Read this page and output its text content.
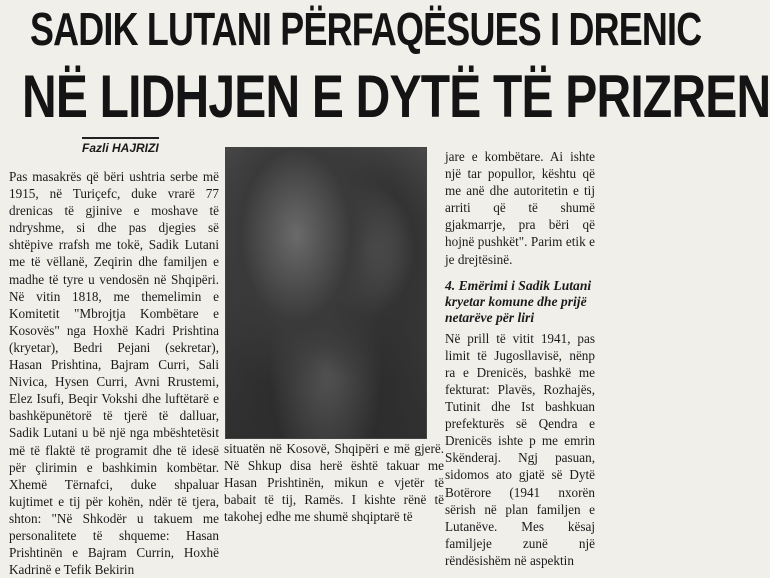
SADIK LUTANI PËRFAQËSUES I DRENIC
NË LIDHJEN E DYTË TË PRIZREN
Fazli HAJRIZI

Pas masakrës që bëri ushtria serbe më 1915, në Turiçefc, duke vrarë 77 drenicas të gjinive e moshave të ndryshme, si dhe pas djegies së shtëpive rrafsh me tokë, Sadik Lutani me të vëllanë, Zeqirin dhe familjen e madhe të tyre u vendosën në Shqipëri. Në vitin 1818, me themelimin e Komitetit "Mbrojtja Kombëtare e Kosovës" nga Hoxhë Kadri Prishtina (kryetar), Bedri Pejani (sekretar), Hasan Prishtina, Bajram Curri, Sali Nivica, Hysen Curri, Avni Rrustemi, Elez Isufi, Beqir Vokshi dhe luftëtarë e bashkëpunëtorë të tjerë të dalluar, Sadik Lutani u bë një nga mbështetësit më të flaktë të programit dhe të idesë për çlirimin e bashkimin kombëtar. Xhemë Tërnafci, duke shpaluar kujtimet e tij për kohën, ndër të tjera, shton: "Në Shkodër u takuem me personalitete të shqueme: Hasan Prishtinën e Bajram Currin, Hoxhë Kadrinë e Tefik Bekirin

situatën në Kosovë, Shqipëri e më gjerë. Në Shkup disa herë është takuar me Hasan Prishtinën, mikun e vjetër të babait të tij, Ramës. I kishte rënë të takohej edhe me shumë shqiptarë të

jare e kombëtare. Ai ishte një tar popullor, kështu që me anë dhe autoritetin e tij arriti që të shumë gjakmarrje, pra bëri që hojnë pushkët". Parim etik e je drejtësinë.

4. Emërimi i Sadik Lutani kryetar komune dhe prijë netarëve për liri

Në prill të vitit 1941, pas limit të Jugosllavisë, nënp ra e Drenicës, bashkë me fekturat: Plavës, Rozhajës, Tutinit dhe Ist bashkuan prefekturës së Qendra e Drenicës ishte p me emrin Skënderaj. Ngj pasuan, sidomos ato gjatë së Dytë Botërore (1941 nxorën sërish në plan familjen e Lutanëve. Mes kësaj familjeje zunë një rëndësishëm në aspektin
